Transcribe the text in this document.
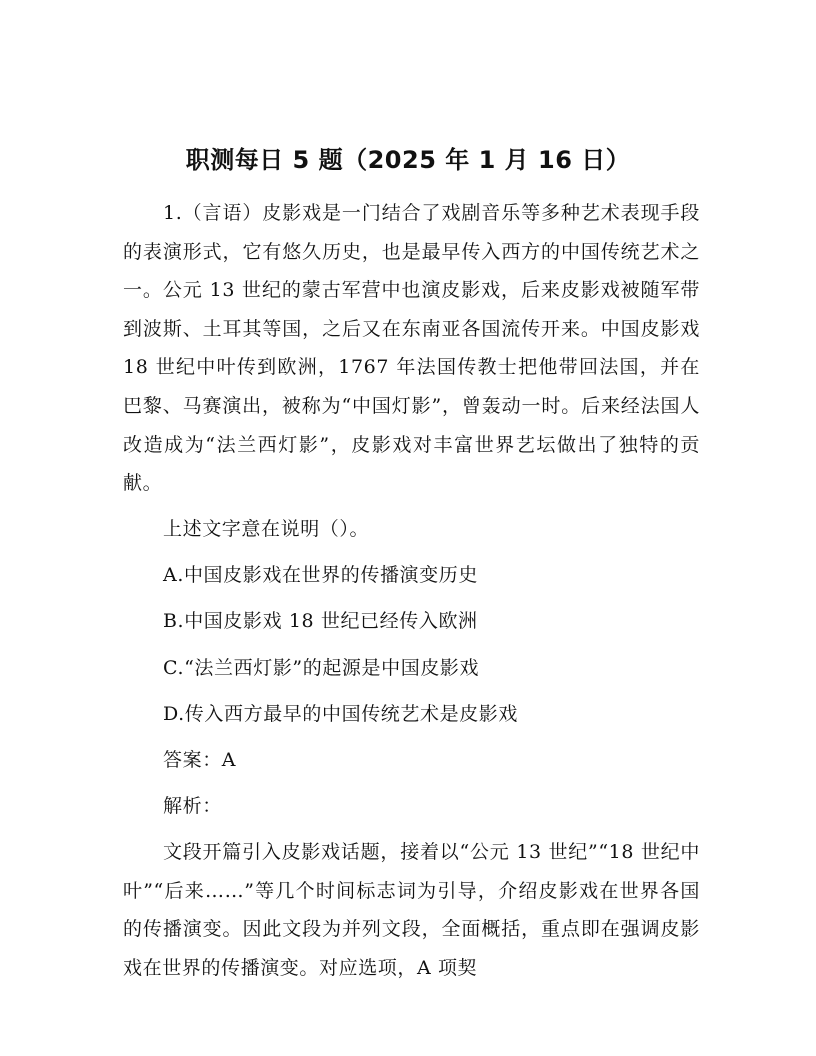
职测每日 5 题（2025 年 1 月 16 日）

1.（言语）皮影戏是一门结合了戏剧音乐等多种艺术表现手段的表演形式，它有悠久历史，也是最早传入西方的中国传统艺术之一。公元 13 世纪的蒙古军营中也演皮影戏，后来皮影戏被随军带到波斯、土耳其等国，之后又在东南亚各国流传开来。中国皮影戏 18 世纪中叶传到欧洲，1767 年法国传教士把他带回法国，并在巴黎、马赛演出，被称为“中国灯影”，曾轰动一时。后来经法国人改造成为“法兰西灯影”，皮影戏对丰富世界艺坛做出了独特的贡献。

上述文字意在说明（）。

A.中国皮影戏在世界的传播演变历史

B.中国皮影戏 18 世纪已经传入欧洲

C.“法兰西灯影”的起源是中国皮影戏

D.传入西方最早的中国传统艺术是皮影戏

答案：A

解析：

文段开篇引入皮影戏话题，接着以“公元 13 世纪”“18 世纪中叶”“后来……”等几个时间标志词为引导，介绍皮影戏在世界各国的传播演变。因此文段为并列文段，全面概括，重点即在强调皮影戏在世界的传播演变。对应选项，A 项契
